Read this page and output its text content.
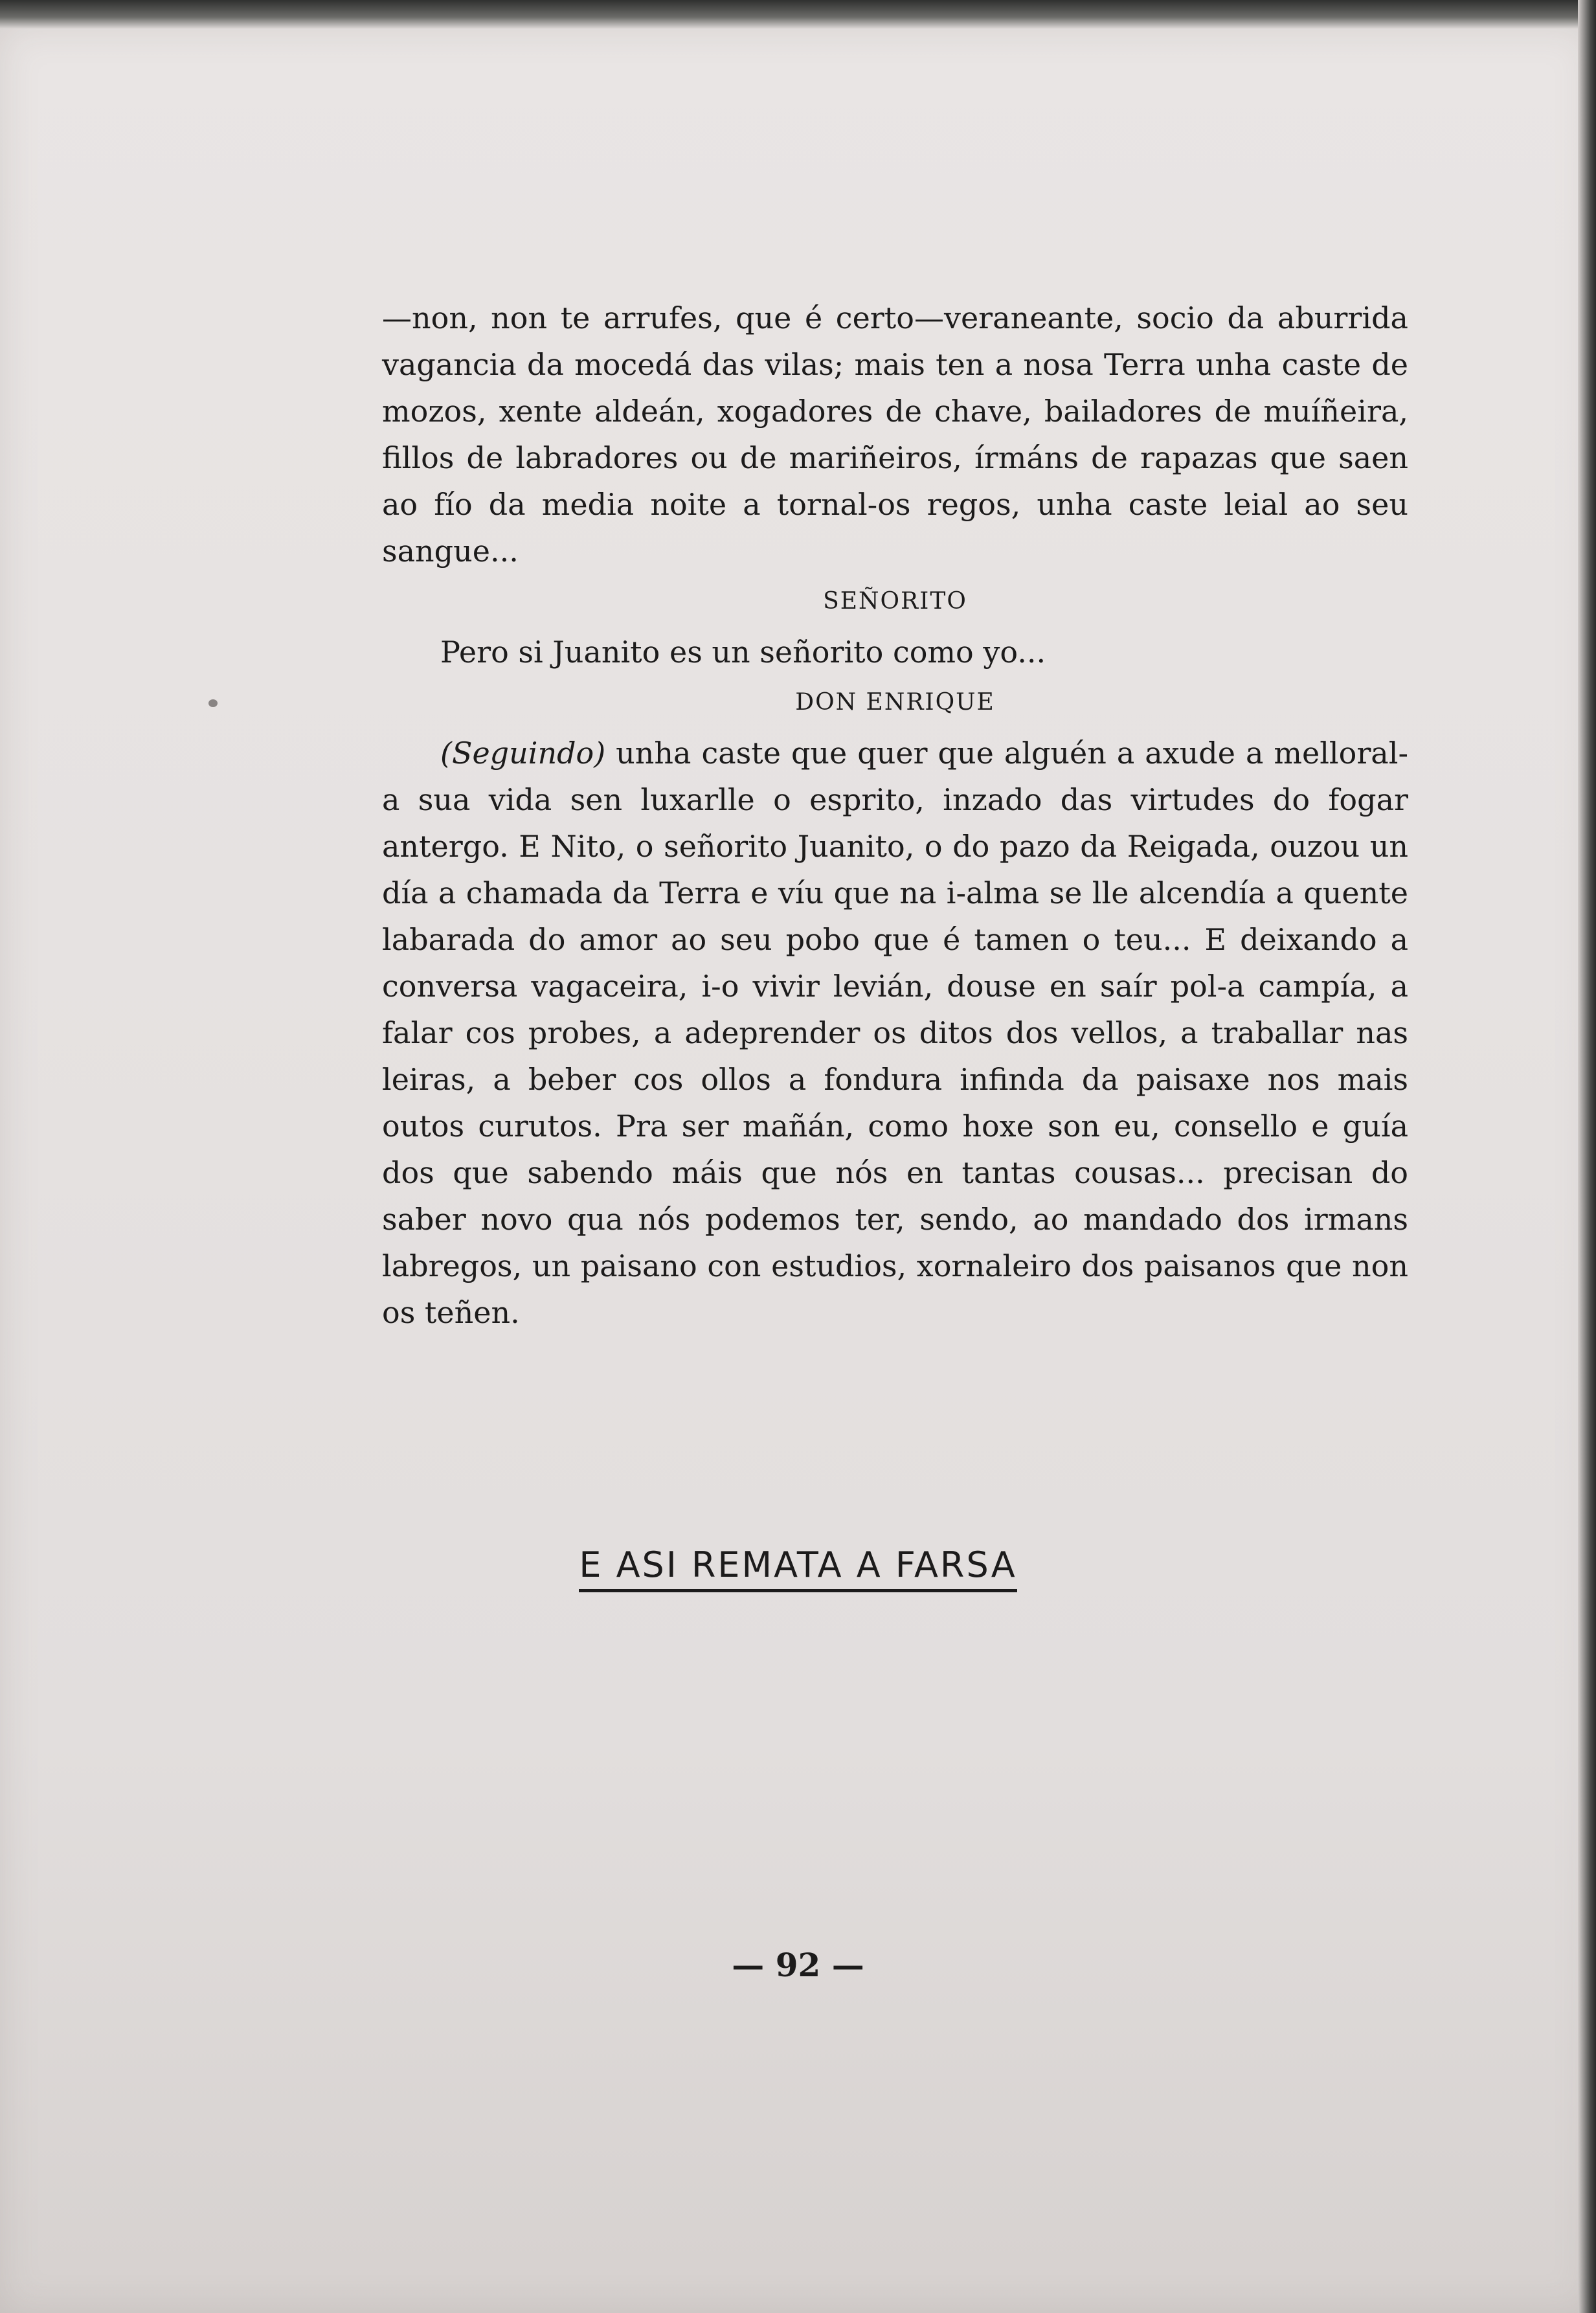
—non, non te arrufes, que é certo—veraneante, socio da aburrida vagancia da mocedá das vilas; mais ten a nosa Terra unha caste de mozos, xente aldeán, xogadores de chave, bailadores de muíñeira, fillos de labradores ou de mariñeiros, írmáns de rapazas que saen ao fío da media noite a tornal-os regos, unha caste leial ao seu sangue...

SEÑORITO

Pero si Juanito es un señorito como yo...

DON ENRIQUE

(Seguindo) unha caste que quer que alguén a axude a melloral-a sua vida sen luxarlle o esprito, inzado das virtudes do fogar antergo. E Nito, o señorito Juanito, o do pazo da Reigada, ouzou un día a chamada da Terra e víu que na i-alma se lle alcendía a quente labarada do amor ao seu pobo que é tamen o teu... E deixando a conversa vagaceira, i-o vivir levián, douse en saír pol-a campía, a falar cos probes, a adeprender os ditos dos vellos, a traballar nas leiras, a beber cos ollos a fondura infinda da paisaxe nos mais outos curutos. Pra ser mañán, como hoxe son eu, consello e guía dos que sabendo máis que nós en tantas cousas... precisan do saber novo qua nós podemos ter, sendo, ao mandado dos irmans labregos, un paisano con estudios, xornaleiro dos paisanos que non os teñen.

E ASI REMATA A FARSA
— 92 —
